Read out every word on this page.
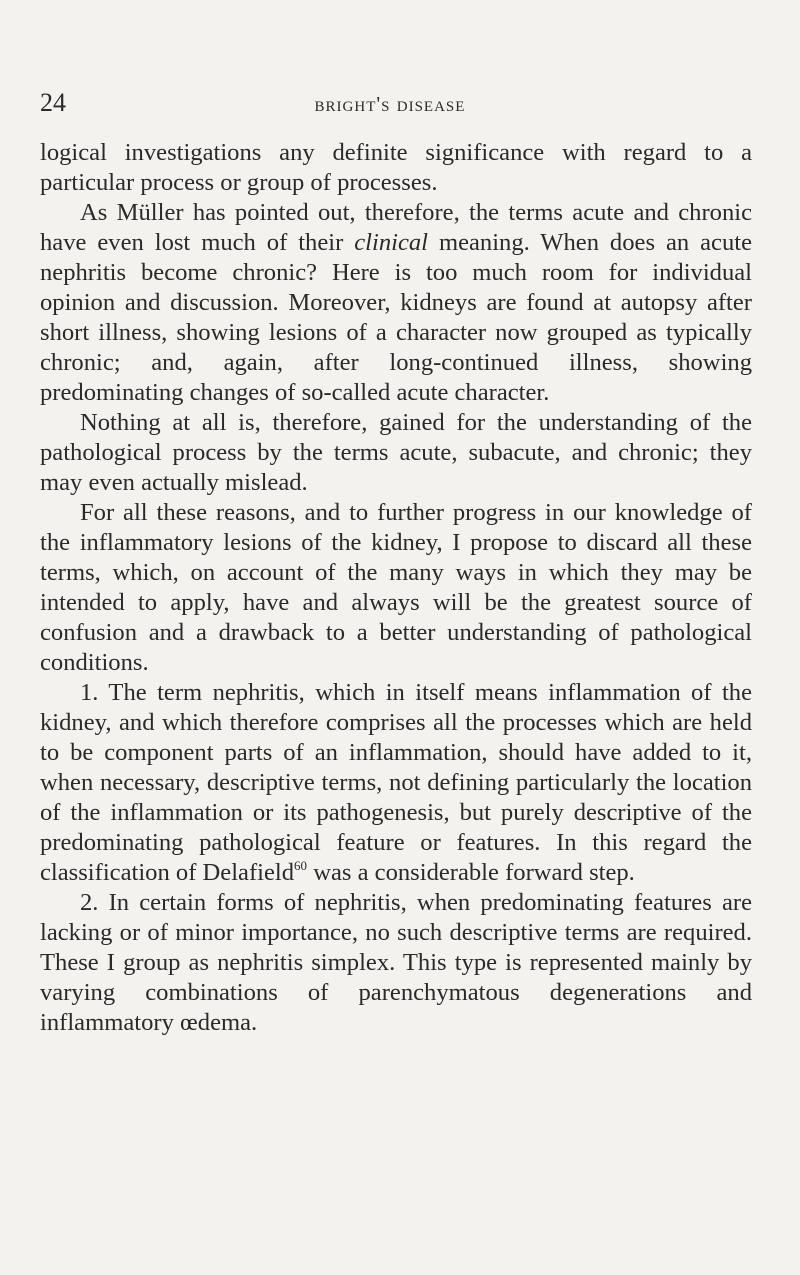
24	bright's disease

logical investigations any definite significance with regard to a particular process or group of processes.

As Müller has pointed out, therefore, the terms acute and chronic have even lost much of their clinical meaning. When does an acute nephritis become chronic? Here is too much room for individual opinion and discussion. Moreover, kidneys are found at autopsy after short illness, showing lesions of a character now grouped as typically chronic; and, again, after long-continued illness, showing predominating changes of so-called acute character.

Nothing at all is, therefore, gained for the understanding of the pathological process by the terms acute, subacute, and chronic; they may even actually mislead.

For all these reasons, and to further progress in our knowledge of the inflammatory lesions of the kidney, I propose to discard all these terms, which, on account of the many ways in which they may be intended to apply, have and always will be the greatest source of confusion and a drawback to a better understanding of pathological conditions.

1. The term nephritis, which in itself means inflammation of the kidney, and which therefore comprises all the processes which are held to be component parts of an inflammation, should have added to it, when necessary, descriptive terms, not defining particularly the location of the inflammation or its pathogenesis, but purely descriptive of the predominating pathological feature or features. In this regard the classification of Delafield$^{60}$ was a considerable forward step.

2. In certain forms of nephritis, when predominating features are lacking or of minor importance, no such descriptive terms are required. These I group as nephritis simplex. This type is represented mainly by varying combinations of parenchymatous degenerations and inflammatory œdema.
